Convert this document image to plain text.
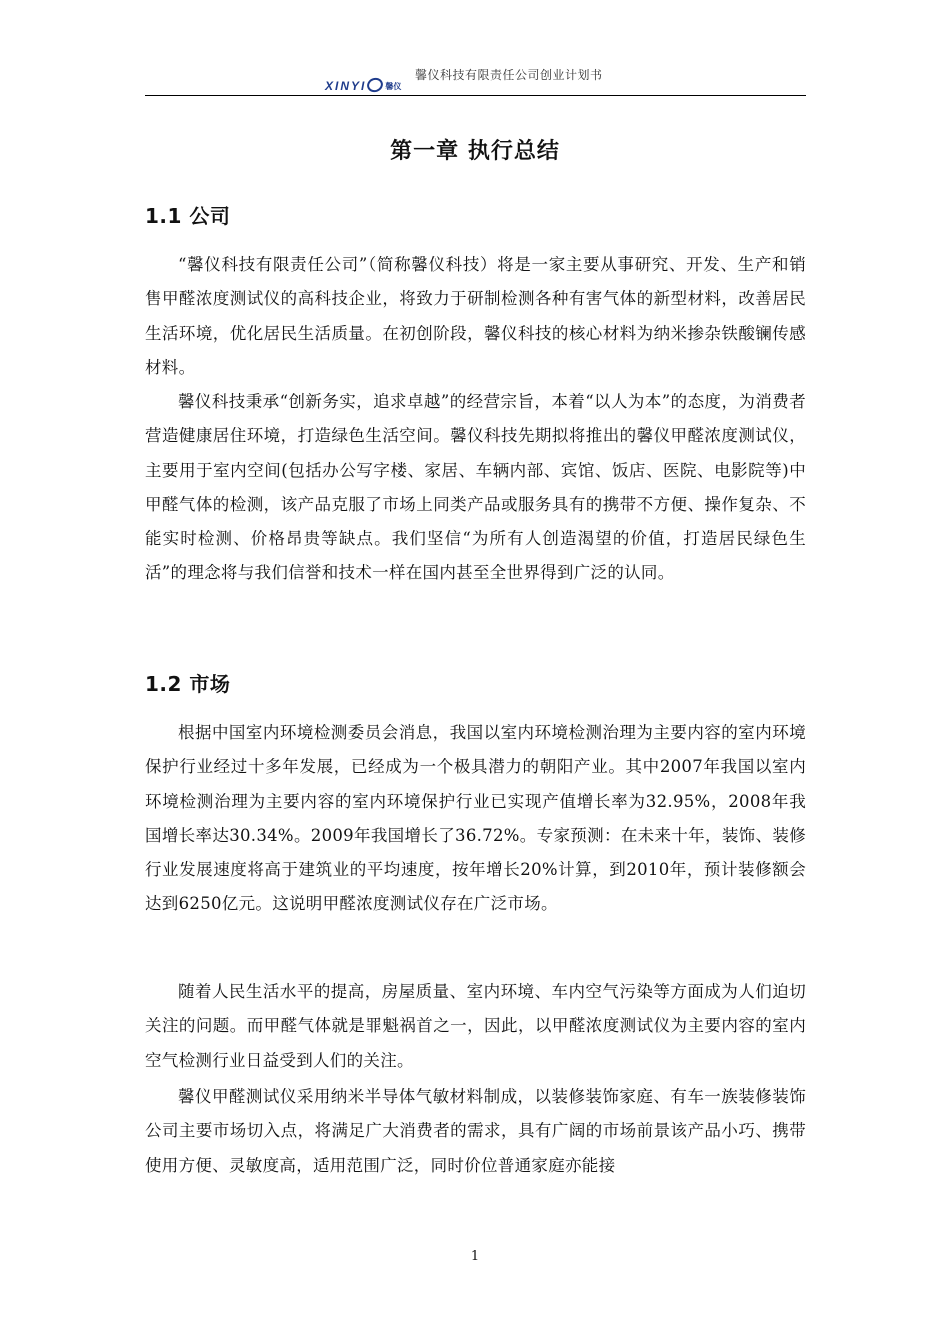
XINYI 馨仪
馨仪科技有限责任公司创业计划书
第一章 执行总结
1.1 公司

“馨仪科技有限责任公司”（简称馨仪科技）将是一家主要从事研究、开发、生产和销售甲醛浓度测试仪的高科技企业，将致力于研制检测各种有害气体的新型材料，改善居民生活环境，优化居民生活质量。在初创阶段，馨仪科技的核心材料为纳米掺杂铁酸镧传感材料。

馨仪科技秉承“创新务实，追求卓越”的经营宗旨，本着“以人为本”的态度，为消费者营造健康居住环境，打造绿色生活空间。馨仪科技先期拟将推出的馨仪甲醛浓度测试仪，主要用于室内空间(包括办公写字楼、家居、车辆内部、宾馆、饭店、医院、电影院等)中甲醛气体的检测，该产品克服了市场上同类产品或服务具有的携带不方便、操作复杂、不能实时检测、价格昂贵等缺点。我们坚信“为所有人创造渴望的价值，打造居民绿色生活”的理念将与我们信誉和技术一样在国内甚至全世界得到广泛的认同。

1.2 市场

根据中国室内环境检测委员会消息，我国以室内环境检测治理为主要内容的室内环境保护行业经过十多年发展，已经成为一个极具潜力的朝阳产业。其中2007年我国以室内环境检测治理为主要内容的室内环境保护行业已实现产值增长率为32.95%，2008年我国增长率达30.34%。2009年我国增长了36.72%。专家预测：在未来十年，装饰、装修行业发展速度将高于建筑业的平均速度，按年增长20%计算，到2010年，预计装修额会达到6250亿元。这说明甲醛浓度测试仪存在广泛市场。

随着人民生活水平的提高，房屋质量、室内环境、车内空气污染等方面成为人们迫切关注的问题。而甲醛气体就是罪魁祸首之一，因此，以甲醛浓度测试仪为主要内容的室内空气检测行业日益受到人们的关注。

馨仪甲醛测试仪采用纳米半导体气敏材料制成，以装修装饰家庭、有车一族装修装饰公司主要市场切入点，将满足广大消费者的需求，具有广阔的市场前景该产品小巧、携带使用方便、灵敏度高，适用范围广泛，同时价位普通家庭亦能接

1
